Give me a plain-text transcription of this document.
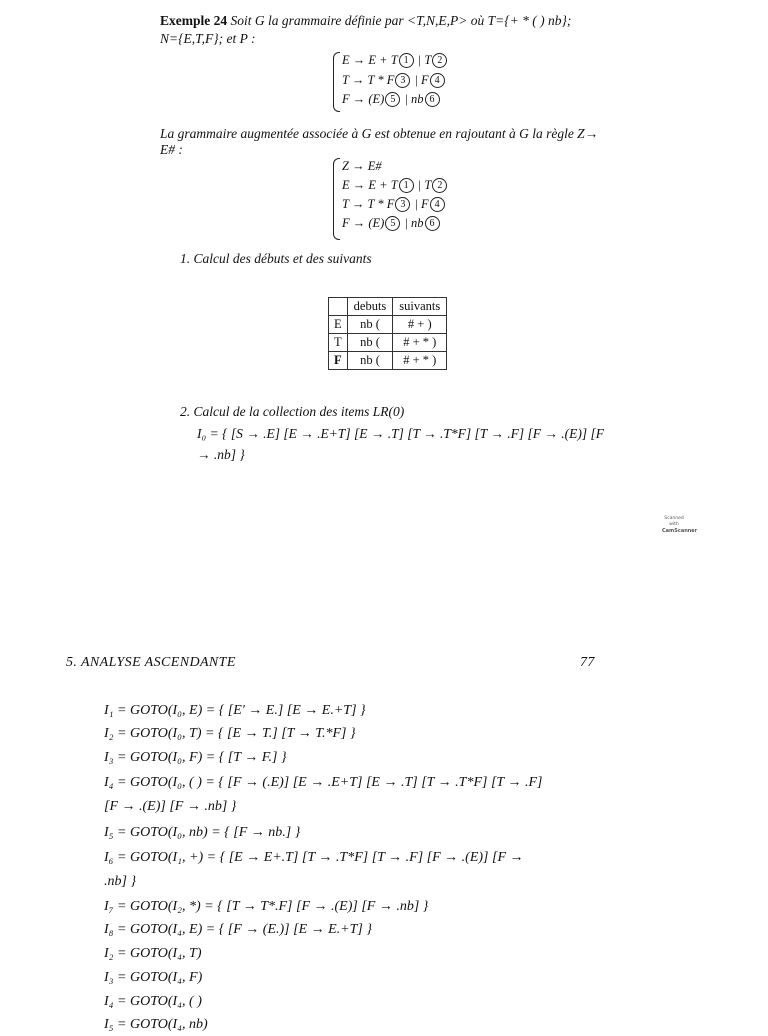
Exemple 24 Soit G la grammaire définie par <T,N,E,P> où T={+ * ( ) nb};
N={E,T,F}; et P :
E → E + T 1 | T 2
T → T * F 3 | F 4
F → (E) 5 | nb 6
La grammaire augmentée associée à G est obtenue en rajoutant à G la règle Z→
E# :
Z → E#
E → E + T 1 | T 2
T → T * F 3 | F 4
F → (E) 5 | nb 6
1. Calcul des débuts et des suivants
	debuts	suivants
E	nb (	# + )
T	nb (	# + * )
F	nb (	# + * )
2. Calcul de la collection des items LR(0)
I₀ = { [S → .E] [E → .E+T] [E → .T] [T → .T*F] [T → .F] [F → .(E)] [F
→ .nb] }
Scanned with
CamScanner
5. ANALYSE ASCENDANTE	77
I₁ = GOTO(I₀, E) = { [E' → E.] [E → E.+T] }
I₂ = GOTO(I₀, T) = { [E → T.] [T → T.*F] }
I₃ = GOTO(I₀, F) = { [T → F.] }
I₄ = GOTO(I₀, ( ) = { [F → (.E)] [E → .E+T] [E → .T] [T → .T*F] [T → .F]
[F → .(E)] [F → .nb] }
I₅ = GOTO(I₀, nb) = { [F → nb.] }
I₆ = GOTO(I₁, +) = { [E → E+.T] [T → .T*F] [T → .F] [F → .(E)] [F →
.nb] }
I₇ = GOTO(I₂, *) = { [T → T*.F] [F → .(E)] [F → .nb] }
I₈ = GOTO(I₄, E) = { [F → (E.)] [E → E.+T] }
I₂ = GOTO(I₄, T)
I₃ = GOTO(I₄, F)
I₄ = GOTO(I₄, ( )
I₅ = GOTO(I₄, nb)
